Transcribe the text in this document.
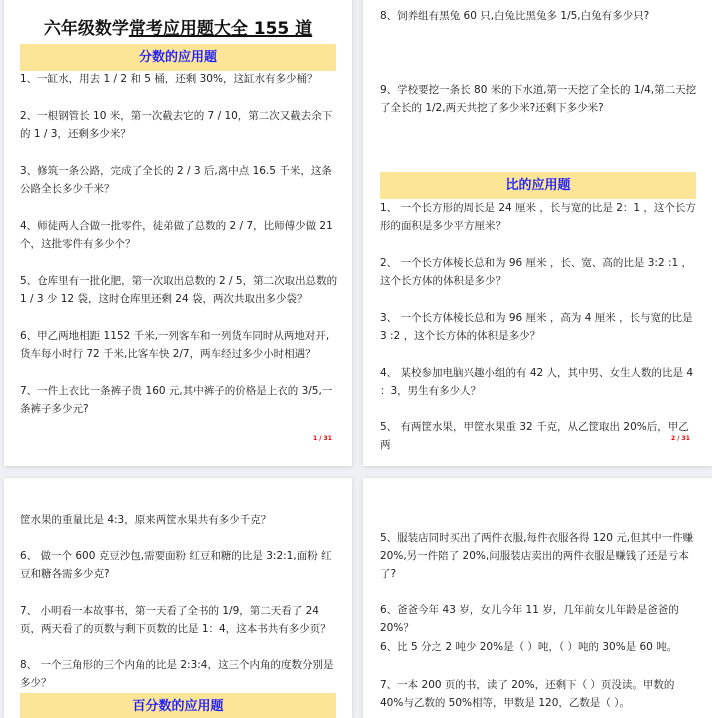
六年级数学常考应用题大全 155 道
分数的应用题
1、一缸水，用去 1 / 2 和 5 桶，还剩 30%，这缸水有多少桶？
2、一根钢管长 10 米，第一次截去它的 7 / 10，第二次又截去余下的 1 / 3，还剩多少米？
3、修筑一条公路，完成了全长的 2 / 3 后,离中点 16.5 千米，这条公路全长多少千米？
4、师徒两人合做一批零件，徒弟做了总数的 2 / 7，比师傅少做 21 个，这批零件有多少个？
5、仓库里有一批化肥，第一次取出总数的 2 / 5，第二次取出总数的 1 / 3 少 12 袋，这时仓库里还剩 24 袋，两次共取出多少袋？
6、甲乙两地相距 1152 千米,一列客车和一列货车同时从两地对开,货车每小时行 72 千米,比客车快 2/7，两车经过多少小时相遇？
7、一件上衣比一条裤子贵 160 元,其中裤子的价格是上衣的 3/5,一条裤子多少元?
1 / 31
8、饲养组有黑兔 60 只,白兔比黑兔多 1/5,白兔有多少只?
9、学校要挖一条长 80 米的下水道,第一天挖了全长的 1/4,第二天挖了全长的 1/2,两天共挖了多少米?还剩下多少米?
比的应用题
1、 一个长方形的周长是 24 厘米 ，长与宽的比是 2：1 ，这个长方形的面积是多少平方厘米？
2、 一个长方体棱长总和为 96 厘米 ，长、宽、高的比是 3:2 :1 ，这个长方体的体积是多少？
3、 一个长方体棱长总和为 96 厘米 ，高为 4 厘米 ，长与宽的比是 3 :2 ，这个长方体的体积是多少？
4、 某校参加电脑兴趣小组的有 42 人，其中男、女生人数的比是 4 ：3，男生有多少人？
5、 有两筐水果，甲筐水果重 32 千克，从乙筐取出 20%后，甲乙两
2 / 31
筐水果的重量比是 4:3，原来两筐水果共有多少千克？
6、 做一个 600 克豆沙包,需要面粉 红豆和糖的比是 3:2:1,面粉 红豆和糖各需多少克?
7、 小明看一本故事书，第一天看了全书的 1/9，第二天看了 24 页，两天看了的页数与剩下页数的比是 1：4，这本书共有多少页？
8、 一个三角形的三个内角的比是 2:3:4，这三个内角的度数分别是多少？
百分数的应用题
5、服装店同时买出了两件衣服,每件衣服各得 120 元,但其中一件赚 20%,另一件陪了 20%,问服装店卖出的两件衣服是赚钱了还是亏本了?
6、爸爸今年 43 岁，女儿今年 11 岁，几年前女儿年龄是爸爸的 20%？
6、比 5 分之 2 吨少 20%是（ ）吨，（ ）吨的 30%是 60 吨。
7、一本 200 页的书，读了 20%，还剩下（ ）页没读。甲数的 40%与乙数的 50%相等，甲数是 120，乙数是（ ）。
